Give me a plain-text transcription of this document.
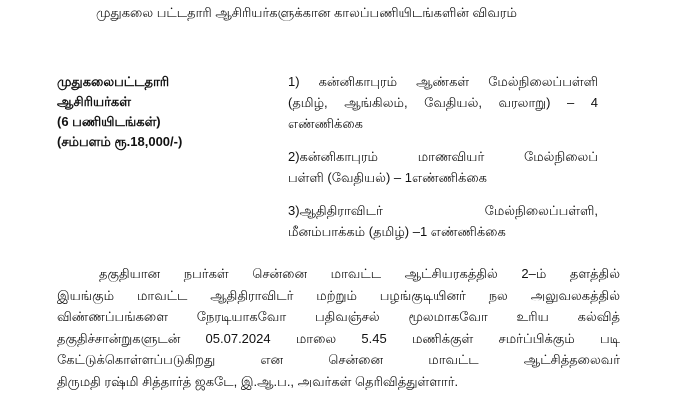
முதுகலை பட்டதாரி ஆசிரியர்களுக்கான காலப்பணியிடங்களின் விவரம்
முதுகலைபட்டதாரி
ஆசிரியர்கள்
(6 பணியிடங்கள்)
(சம்பளம் ரூ.18,000/-)
1) கன்னிகாபுரம் ஆண்கள் மேல்நிலைப்பள்ளி
(தமிழ், ஆங்கிலம், வேதியல், வரலாறு) – 4
எண்ணிக்கை
2)கன்னிகாபுரம் மாணவியர் மேல்நிலைப்
பள்ளி (வேதியல்) – 1எண்ணிக்கை
3)ஆதிதிராவிடர் மேல்நிலைப்பள்ளி,
மீனம்பாக்கம் (தமிழ்) –1 எண்ணிக்கை
தகுதியான நபர்கள் சென்னை மாவட்ட ஆட்சியரகத்தில் 2–ம் தளத்தில்
இயங்கும் மாவட்ட ஆதிதிராவிடர் மற்றும் பழங்குடியினர் நல அலுவலகத்தில்
விண்ணப்பங்களை நேரடியாகவோ பதிவஞ்சல் மூலமாகவோ உரிய கல்வித்
தகுதிச்சான்றுகளுடன் 05.07.2024 மாலை 5.45 மணிக்குள் சமர்ப்பிக்கும் படி
கேட்டுக்கொள்ளப்படுகிறது என சென்னை மாவட்ட ஆட்சித்தலைவர்
திருமதி ரஷ்மி சித்தார்த் ஜகடே, இ.ஆ.ப., அவர்கள் தெரிவித்துள்ளார்.
